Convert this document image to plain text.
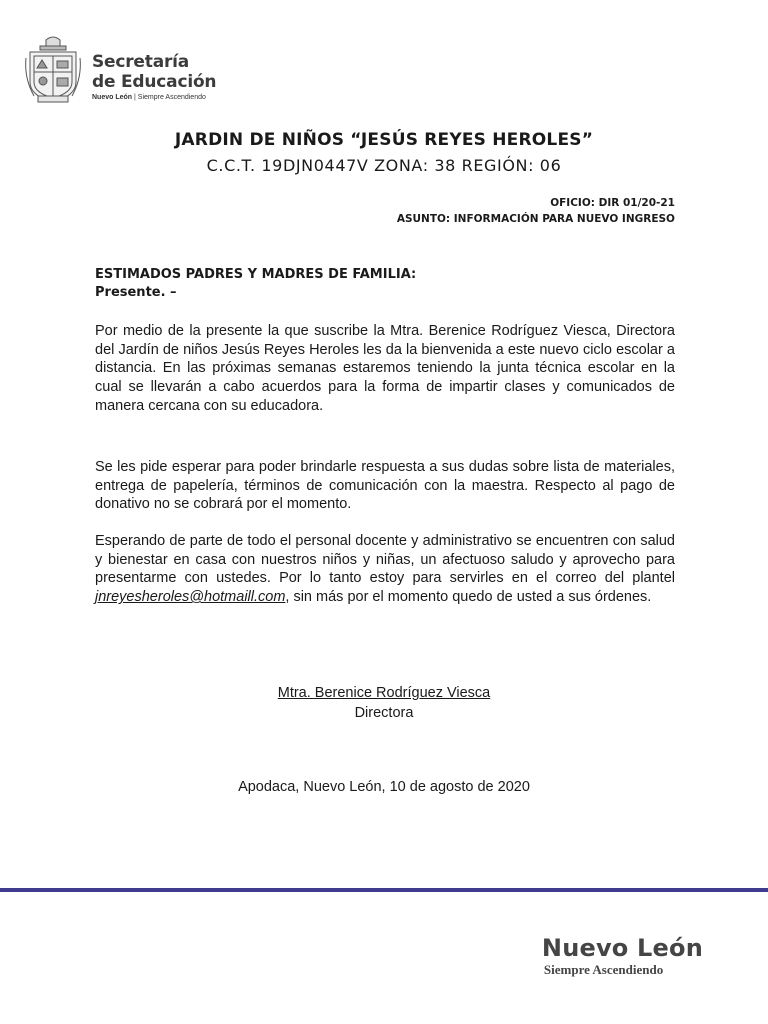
Secretaría
de Educación
Nuevo León | Siempre Ascendiendo
JARDIN DE NIÑOS “JESÚS REYES HEROLES”
C.C.T. 19DJN0447V ZONA: 38 REGIÓN: 06
OFICIO: DIR 01/20-21
ASUNTO: INFORMACIÓN PARA NUEVO INGRESO
ESTIMADOS PADRES Y MADRES DE FAMILIA:
Presente. –
Por medio de la presente la que suscribe la Mtra. Berenice Rodríguez Viesca, Directora del Jardín de niños Jesús Reyes Heroles les da la bienvenida a este nuevo ciclo escolar a distancia. En las próximas semanas estaremos teniendo la junta técnica escolar en la cual se llevarán a cabo acuerdos para la forma de impartir clases y comunicados de manera cercana con su educadora.
Se les pide esperar para poder brindarle respuesta a sus dudas sobre lista de materiales, entrega de papelería, términos de comunicación con la maestra. Respecto al pago de donativo no se cobrará por el momento.
Esperando de parte de todo el personal docente y administrativo se encuentren con salud y bienestar en casa con nuestros niños y niñas, un afectuoso saludo y aprovecho para presentarme con ustedes. Por lo tanto estoy para servirles en el correo del plantel jnreyesheroles@hotmaill.com, sin más por el momento quedo de usted a sus órdenes.
Mtra. Berenice Rodríguez Viesca
Directora
Apodaca, Nuevo León, 10 de agosto de 2020
Nuevo León
Siempre Ascendiendo
